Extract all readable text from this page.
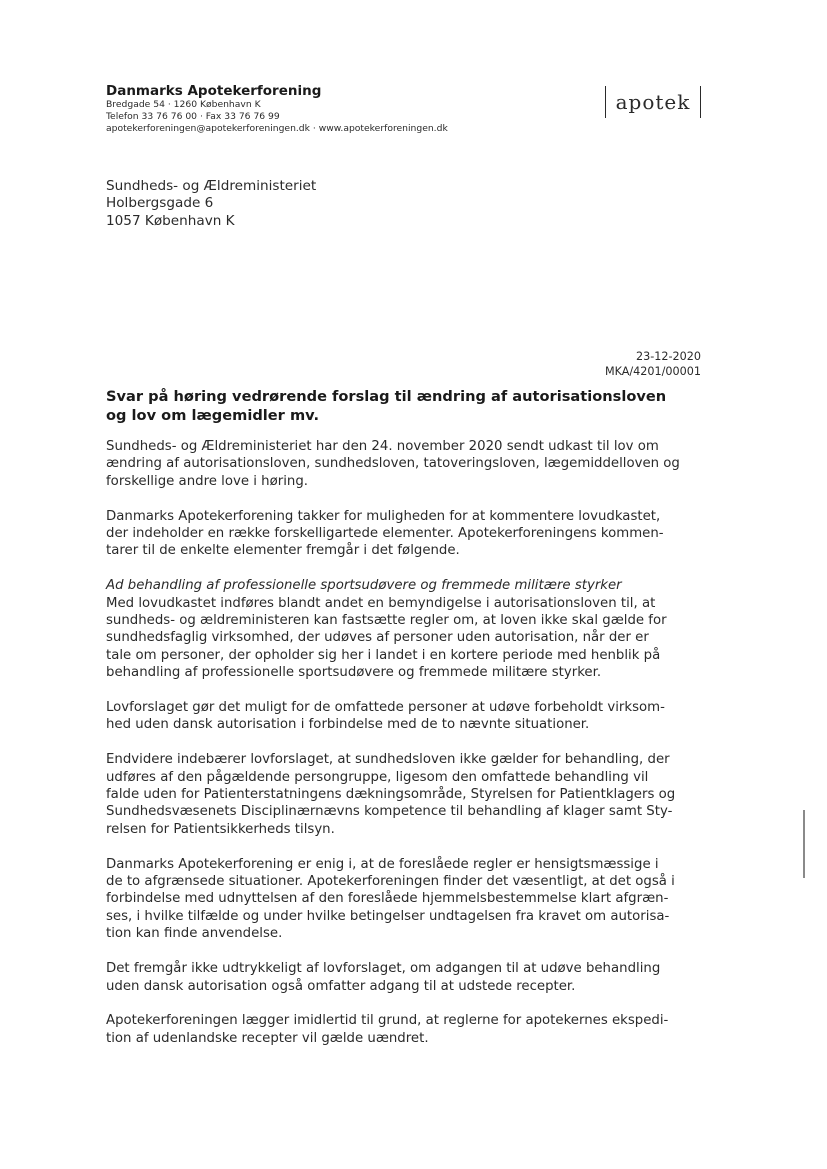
Danmarks Apotekerforening
Bredgade 54 · 1260 København K
Telefon 33 76 76 00 · Fax 33 76 76 99
apotekerforeningen@apotekerforeningen.dk · www.apotekerforeningen.dk
apotek
Sundheds- og Ældreministeriet
Holbergsgade 6
1057 København K
23-12-2020
MKA/4201/00001
Svar på høring vedrørende forslag til ændring af autorisationsloven
og lov om lægemidler mv.
Sundheds- og Ældreministeriet har den 24. november 2020 sendt udkast til lov om
ændring af autorisationsloven, sundhedsloven, tatoveringsloven, lægemiddelloven og
forskellige andre love i høring.
Danmarks Apotekerforening takker for muligheden for at kommentere lovudkastet,
der indeholder en række forskelligartede elementer. Apotekerforeningens kommen-
tarer til de enkelte elementer fremgår i det følgende.
Ad behandling af professionelle sportsudøvere og fremmede militære styrker
Med lovudkastet indføres blandt andet en bemyndigelse i autorisationsloven til, at
sundheds- og ældreministeren kan fastsætte regler om, at loven ikke skal gælde for
sundhedsfaglig virksomhed, der udøves af personer uden autorisation, når der er
tale om personer, der opholder sig her i landet i en kortere periode med henblik på
behandling af professionelle sportsudøvere og fremmede militære styrker.
Lovforslaget gør det muligt for de omfattede personer at udøve forbeholdt virksom-
hed uden dansk autorisation i forbindelse med de to nævnte situationer.
Endvidere indebærer lovforslaget, at sundhedsloven ikke gælder for behandling, der
udføres af den pågældende persongruppe, ligesom den omfattede behandling vil
falde uden for Patienterstatningens dækningsområde, Styrelsen for Patientklagers og
Sundhedsvæsenets Disciplinærnævns kompetence til behandling af klager samt Sty-
relsen for Patientsikkerheds tilsyn.
Danmarks Apotekerforening er enig i, at de foreslåede regler er hensigtsmæssige i
de to afgrænsede situationer. Apotekerforeningen finder det væsentligt, at det også i
forbindelse med udnyttelsen af den foreslåede hjemmelsbestemmelse klart afgræn-
ses, i hvilke tilfælde og under hvilke betingelser undtagelsen fra kravet om autorisa-
tion kan finde anvendelse.
Det fremgår ikke udtrykkeligt af lovforslaget, om adgangen til at udøve behandling
uden dansk autorisation også omfatter adgang til at udstede recepter.
Apotekerforeningen lægger imidlertid til grund, at reglerne for apotekernes ekspedi-
tion af udenlandske recepter vil gælde uændret.
